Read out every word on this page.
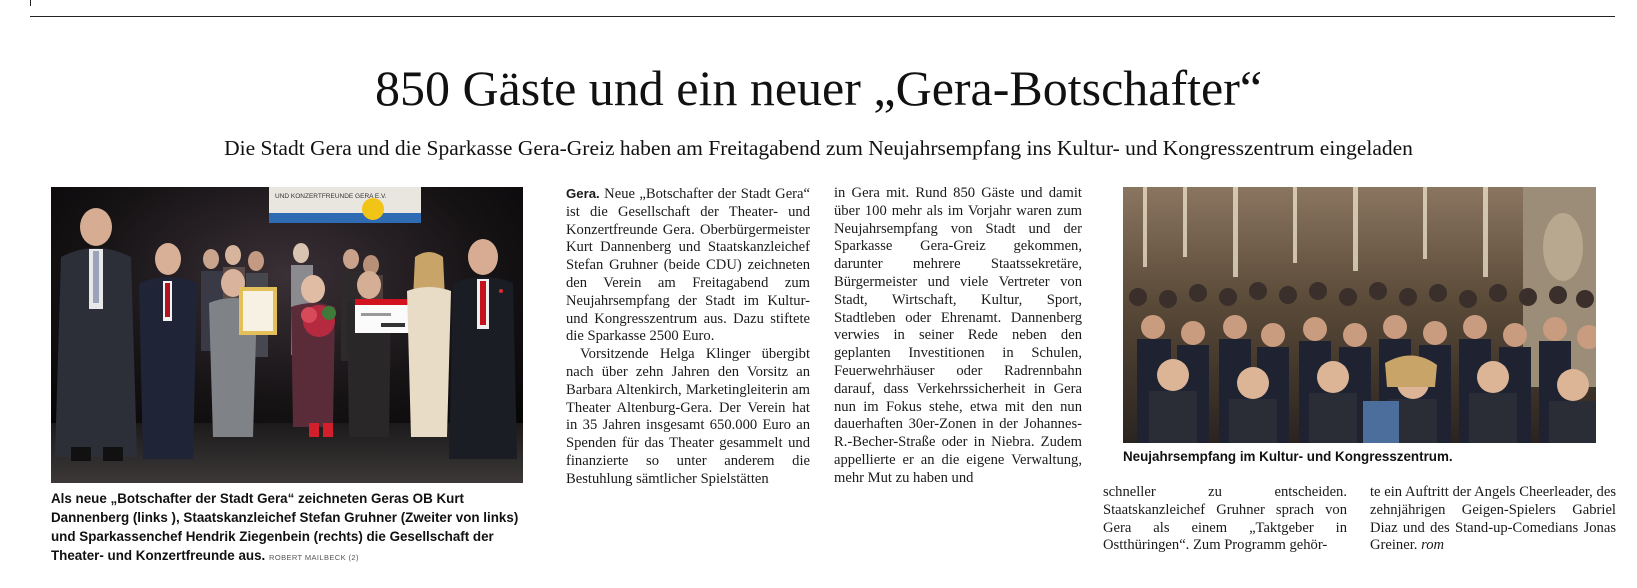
850 Gäste und ein neuer „Gera-Botschafter“
Die Stadt Gera und die Sparkasse Gera-Greiz haben am Freitagabend zum Neujahrsempfang ins Kultur- und Kongresszentrum eingeladen
UND KONZERTFREUNDE GERA E.V.
Als neue „Botschafter der Stadt Gera“ zeichneten Geras OB Kurt Dannenberg (links ), Staatskanzleichef Stefan Gruhner (Zweiter von links) und Sparkassenchef Hendrik Ziegenbein (rechts) die Gesellschaft der Theater- und Konzertfreunde aus. ROBERT MAILBECK (2)

Gera. Neue „Botschafter der Stadt Gera“ ist die Gesellschaft der Theater- und Konzertfreunde Gera. Oberbürgermeister Kurt Dannenberg und Staatskanzleichef Stefan Gruhner (beide CDU) zeichneten den Verein am Freitagabend zum Neujahrsempfang der Stadt im Kultur- und Kongresszentrum aus. Dazu stiftete die Sparkasse 2500 Euro.

Vorsitzende Helga Klinger übergibt nach über zehn Jahren den Vorsitz an Barbara Altenkirch, Marketingleiterin am Theater Altenburg-Gera. Der Verein hat in 35 Jahren insgesamt 650.000 Euro an Spenden für das Theater gesammelt und finanzierte so unter anderem die Bestuhlung sämtlicher Spielstätten

in Gera mit. Rund 850 Gäste und damit über 100 mehr als im Vorjahr waren zum Neujahrsempfang von Stadt und der Sparkasse Gera-Greiz gekommen, darunter mehrere Staatssekretäre, Bürgermeister und viele Vertreter von Stadt, Wirtschaft, Kultur, Sport, Stadtleben oder Ehrenamt. Dannenberg verwies in seiner Rede neben den geplanten Investitionen in Schulen, Feuerwehrhäuser oder Radrennbahn darauf, dass Verkehrssicherheit in Gera nun im Fokus stehe, etwa mit den nun dauerhaften 30er-Zonen in der Johannes-R.-Becher-Straße oder in Niebra. Zudem appellierte er an die eigene Verwaltung, mehr Mut zu haben und

Neujahrsempfang im Kultur- und Kongresszentrum.

schneller zu entscheiden. Staatskanzleichef Gruhner sprach von Gera als einem „Taktgeber in Ostthüringen“. Zum Programm gehör-

te ein Auftritt der Angels Cheerleader, des zehnjährigen Geigen-Spielers Gabriel Diaz und des Stand-up-Comedians Jonas Greiner. rom
